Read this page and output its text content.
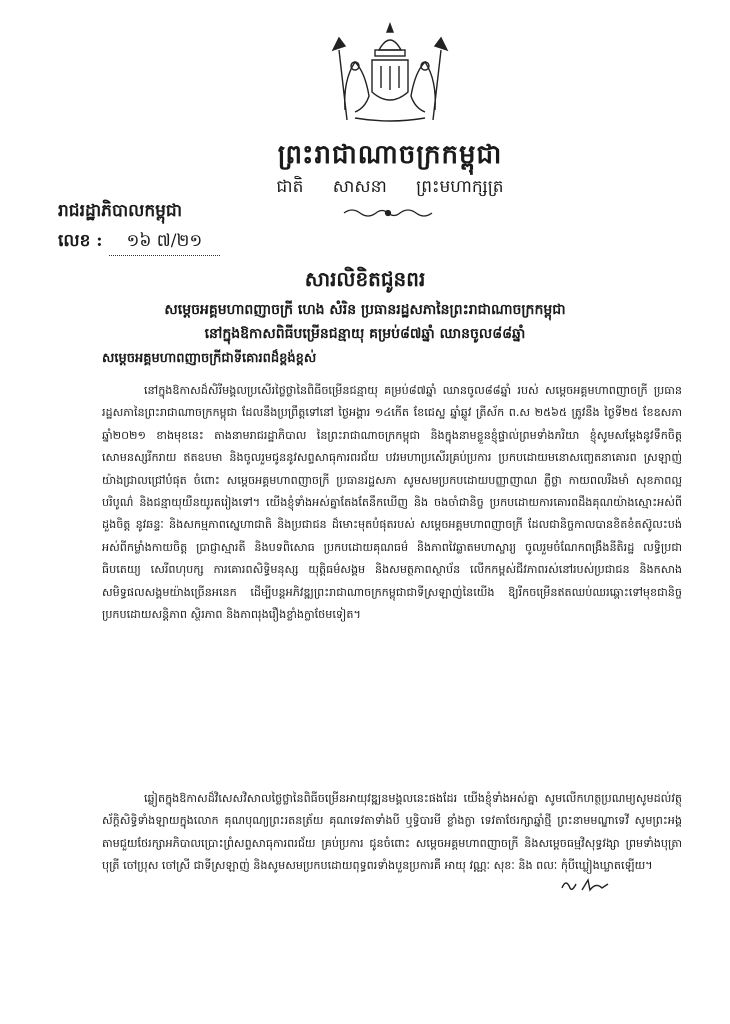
ព្រះរាជាណាចក្រកម្ពុជា
ជាតិ សាសនា ព្រះមហាក្សត្រ
រាជរដ្ឋាភិបាលកម្ពុជា
លេខ : ១៦ ៧/២១
សារលិខិតជូនពរ
សម្តេចអគ្គមហាពញាចក្រី ហេង សំរិន ប្រធានរដ្ឋសភានៃព្រះរាជាណាចក្រកម្ពុជា
នៅក្នុងឱកាសពិធីបម្រើនជន្មាយុ គម្រប់៨៧ឆ្នាំ ឈានចូល៨៨ឆ្នាំ
សម្តេចអគ្គមហាពញាចក្រីជាទីគោរពដ៏ខ្ពង់ខ្ពស់
នៅក្នុងឱកាសដ៏សិរីមង្គលប្រសើរថ្លៃថ្លានៃពិធីចម្រើនជន្មាយុ គម្រប់៨៧ឆ្នាំ ឈានចូល៨៨ឆ្នាំ របស់ សម្តេចអគ្គមហាពញាចក្រី ប្រធានរដ្ឋសភានៃព្រះរាជាណាចក្រកម្ពុជា ដែលនឹងប្រព្រឹត្តទៅនៅ ថ្ងៃអង្គារ ១៤កើត ខែជេស្ឋ ឆ្នាំឆ្លូវ ត្រីស័ក ព.ស ២៥៦៥ ត្រូវនឹង ថ្ងៃទី២៥ ខែឧសភា ឆ្នាំ២០២១ ខាងមុខនេះ តាងនាមរាជរដ្ឋាភិបាល នៃព្រះរាជាណាចក្រកម្ពុជា និងក្នុងនាមខ្លួនខ្ញុំផ្ទាល់ព្រមទាំងភរិយា ខ្ញុំសូមសម្តែងនូវទឹកចិត្តសោមនស្សរីករាយ ឥតឧបមា និងចូលរួមជូននូវសព្ទសាធុការពរជ័យ បវរមហាប្រសើរគ្រប់ប្រការ ប្រកបដោយមនោសញ្ចេតនាគោរព ស្រឡាញ់យ៉ាងជ្រាលជ្រៅបំផុត ចំពោះ សម្តេចអគ្គមហាពញាចក្រី ប្រធានរដ្ឋសភា សូមសមប្រកបដោយបញ្ញាញាណ ភ្លឺថ្លា កាយពលរឹងមាំ សុខភាពល្អបរិបូណ៌ និងជន្មាយុយឺនយូរតរៀងទៅ។ យើងខ្ញុំទាំងអស់គ្នាតែងតែនឹកឃើញ និង ចងចាំជានិច្ច ប្រកបដោយការគោរពដឹងគុណយ៉ាងស្មោះអស់ពីដួងចិត្ត នូវឆន្ទៈ និងសកម្មភាពស្នេហាជាតិ និងប្រជាជន ដ៏មោះមុតបំផុតរបស់ សម្តេចអគ្គមហាពញាចក្រី ដែលជានិច្ចកាលបានខិតខំតស៊ូលះបង់អស់ពីកម្លាំងកាយចិត្ត ប្រាជ្ញាស្មារតី និងបទពិសោធ ប្រកបដោយគុណធម៌ និងភាពវៃឆ្លាតមហាស្ចារ្យ ចូលរួមចំណែកពង្រឹងនីតិរដ្ឋ លទ្ធិប្រជាធិបតេយ្យ សេរីពហុបក្ស ការគោរពសិទ្ធិមនុស្ស យុត្តិធម៌សង្គម និងសមត្ថភាពស្ថាប័ន លើកកម្ពស់ជីវភាពរស់នៅរបស់ប្រជាជន និងកសាងសមិទ្ធផលសង្គមយ៉ាងច្រើនអនេក ដើម្បីបន្តអភិវឌ្ឍព្រះរាជាណាចក្រកម្ពុជាជាទីស្រឡាញ់នៃយើង ឱ្យរីកចម្រើនឥតឈប់ឈរឆ្ពោះទៅមុខជានិច្ច ប្រកបដោយសន្តិភាព ស្ថិរភាព និងភាពរុងរឿងខ្លាំងក្លាថែមទៀត។
ឆ្លៀតក្នុងឱកាសដ៏វិសេសវិសាលថ្លៃថ្លានៃពិធីចម្រើនអាយុវឌ្ឍនមង្គលនេះផងដែរ យើងខ្ញុំទាំងអស់គ្នា សូមលើកហត្ថប្រណម្យសូមដល់វត្ថុស័ក្តិសិទ្ធិទាំងឡាយក្នុងលោក គុណបុណ្យព្រះរតនត្រ័យ គុណទេវតាទាំងបី ឬទ្ធិបារមី ខ្លាំងក្លា ទេវតាថែរក្សាឆ្នាំថ្មី ព្រះនាមមណ្ឌាទេវី សូមព្រះអង្គតាមជួយថែរក្សាអភិបាលប្រោះព្រំសព្ទសាធុការពរជ័យ គ្រប់ប្រការ ជូនចំពោះ សម្តេចអគ្គមហាពញាចក្រី និងសម្តេចធម្មវិសុទ្ធវង្សា ព្រមទាំងបុត្រាបុត្រី ចៅប្រុស ចៅស្រី ជាទីស្រឡាញ់ និងសូមសមប្រកបដោយពុទ្ធពរទាំងបួនប្រការគឺ អាយុ វណ្ណៈ សុខៈ និង ពលៈ កុំបីឃ្លៀងឃ្លាតឡើយ។
